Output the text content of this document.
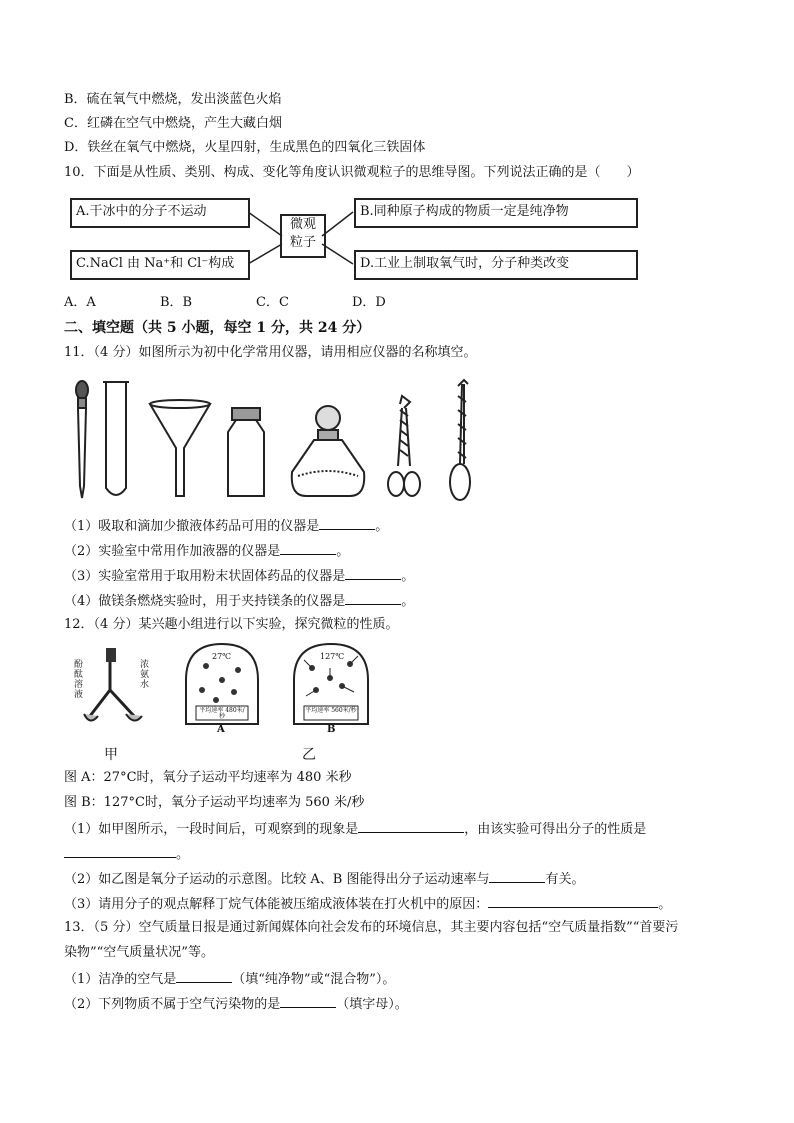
B．硫在氧气中燃烧，发出淡蓝色火焰
C．红磷在空气中燃烧，产生大藏白烟
D．铁丝在氧气中燃烧，火星四射，生成黑色的四氧化三铁固体
10．下面是从性质、类别、构成、变化等角度认识微观粒子的思维导图。下列说法正确的是（　　）
A.干冰中的分子不运动
C.NaCl 由 Na⁺和 Cl⁻构成
微观
粒子
B.同种原子构成的物质一定是纯净物
D.工业上制取氧气时，分子种类改变
A．A	B．B	C．C	D．D
二、填空题（共 5 小题，每空 1 分，共 24 分）
11．（4 分）如图所示为初中化学常用仪器，请用相应仪器的名称填空。
（1）吸取和滴加少撤液体药品可用的仪器是	。
（2）实验室中常用作加液器的仪器是	。
（3）实验室常用于取用粉末状固体药品的仪器是	。
（4）做镁条燃烧实验时，用于夹持镁条的仪器是	。
12．（4 分）某兴趣小组进行以下实验，探究微粒的性质。
酚酞溶液
浓氨水
27℃
平均速率 480米/秒
A
127℃
平均速率 560米/秒
B
甲	乙
图 A：27°C时，氧分子运动平均速率为 480 米秒
图 B：127°C时，氧分子运动平均速率为 560 米/秒
（1）如甲图所示，一段时间后，可观察到的现象是	，由该实验可得出分子的性质是
。
（2）如乙图是氧分子运动的示意图。比较 A、B 图能得出分子运动速率与	有关。
（3）请用分子的观点解释丁烷气体能被压缩成液体装在打火机中的原因：	。
13．（5 分）空气质量日报是通过新闻媒体向社会发布的环境信息，其主要内容包括“空气质量指数”“首要污
染物”“空气质量状况”等。
（1）洁净的空气是	（填“纯净物”或“混合物”）。
（2）下列物质不属于空气污染物的是	（填字母）。
